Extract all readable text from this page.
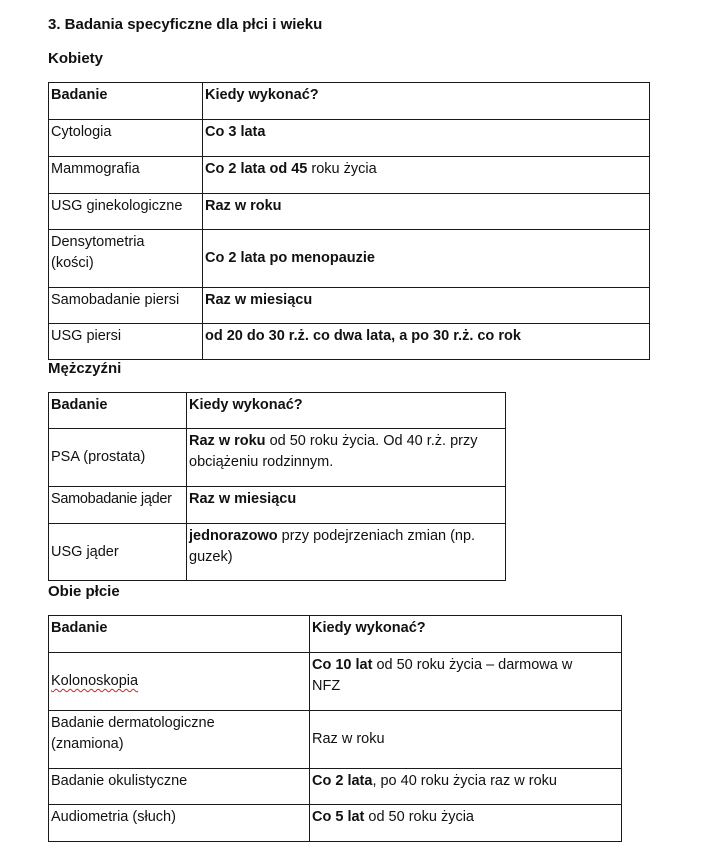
3. Badania specyficzne dla płci i wieku
Kobiety
Badanie	Kiedy wykonać?

Cytologia	Co 3 lata

Mammografia	Co 2 lata od 45 roku życia

USG ginekologiczne	Raz w roku

Densytometria (kości)	Co 2 lata po menopauzie

Samobadanie piersi	Raz w miesiącu

USG piersi	od 20 do 30 r.ż. co dwa lata, a po 30 r.ż. co rok
Mężczyźni
Badanie	Kiedy wykonać?

PSA (prostata)	Raz w roku od 50 roku życia. Od 40 r.ż. przy obciążeniu rodzinnym.

Samobadanie jąder	Raz w miesiącu

USG jąder	jednorazowo przy podejrzeniach zmian (np. guzek)
Obie płcie
Badanie	Kiedy wykonać?

Kolonoskopia	Co 10 lat od 50 roku życia – darmowa w NFZ

Badanie dermatologiczne (znamiona)	Raz w roku

Badanie okulistyczne	Co 2 lata, po 40 roku życia raz w roku

Audiometria (słuch)	Co 5 lat od 50 roku życia
